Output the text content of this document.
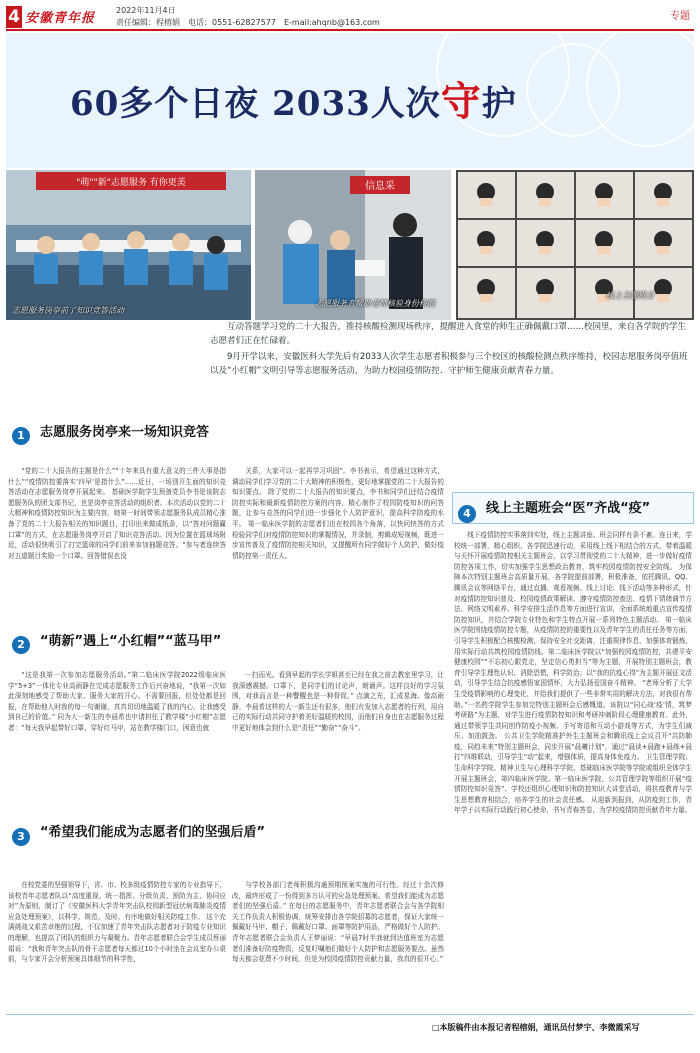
4 安徽青年报
2022年11月4日
责任编辑：程榕娟　电话：0551-62827577　E-mail:ahqnb@163.com
专题
60多个日夜 2033人次守护
"萌""新"志愿服务 有你更美
志愿服务岗亭前了知识竞答活动
信息采
志愿服务者帮助老师核验身份核酸
线上主题班会

互动答题学习党的二十大报告，推持核酸检测现场秩序，提醒进入食堂的师生正确佩戴口罩……校园里，来自各学院的学生志愿者们正在忙碌着。

9月开学以来，安徽医科大学先后有2033人次学生志愿者积极参与三个校区的核酸检测点秩序维持，校园志愿服务岗亭值班以及“小红帽”文明引导等志愿服务活动，为助力校园疫情防控、守护师生健康贡献青春力量。

1	志愿服务岗亭来一场知识竞答

“党的二十大报告的主题是什么”“十年来具有重大意义的三件大事是指什么”“疫情防控要落实‘四早’是指什么”……近日，一场别开生面的知识竞答活动在志愿服务岗亭开展起来。 基础医学院学生预备党员李书是该院志愿服务队的团支部书记，也是岗亭竞答活动的组织者。本次活动以党的二十大精神和疫情防控知识为主要内容，她第一时间带领志愿服务队成员精心准备了党的二十大报告相关的知识题目，打印出来做成纸条，以“答对问题赢口罩”的方式，在志愿服务岗亭开启了知识竞答活动。因为位置在篮球场附近，活动很快吸引了打完篮球的同学们前来参加抽题竞答。“参与者连续答对五道题目奖励一个口罩。回答错误也没

关系，大家可以一起再学习巩固”。李书表示，希望通过这种方式，调动同学们学习党的二十大精神的积极性，更好地掌握党的二十大报告的知识要点。 除了党的二十大报告的知识要点，李书和同学们还结合疫情防控实际和最新疫情防控方案的内容，精心制作了校园防疫知识的问答题，让参与竞答的同学们进一步强化个人防护意识，提高科学防疫的水平。 第一临床医学院的志愿者们也在校园各个角落，以快问快答的方式检验同学们对疫情防控知识的掌握情况，并录制，剪辑成短视频，既进一步宣传普及了疫情防控相关知识，又提醒所有同学做好个人防护，做好疫情防控第一责任人。

2	“萌新”遇上“小红帽”“蓝马甲”

“这是我第一次参加志愿服务活动。”第二临床医学院2022级临床医学“5+3”一体化专业高雨静在完成志愿服务工作后兴奋地说，“我第一次如此深刻地感受了帮助大家、服务大家的开心。不需要回报，但处处都是回报，在帮助他人时我的每一句谢谢，真真切切地温暖了我的内心，让我感受到自己的价值。” 同为大一新生的李晨希也申请担任了教学楼“小红帽”志愿者：“每天我早起带好口罩、穿好红马甲，站在教学楼门口，困意也就

一扫而光。看到早起的学长学姐甚至已经在我之前去教室里学习，让我深感震撼。口罩下，是同学们的讨论声，朗诵声。这样良好的学习氛围，对我而言是一种警醒也是一种督促。” 点滴之光，汇成星海。像高雨静、李晨希这样的大一新生还有很多，他们有发加入志愿者的行列，用自己的实际行动共同守护着美好温暖的校园，而他们自身也在志愿服务过程中更好地体会到什么是“责任”“勤奋”“奋斗”。

3	“希望我们能成为志愿者们的坚强后盾”

在校党委的坚强领导下，省、市、校多级疫情防控专家的专业指导下，该校青年志愿者队以“高度重视、统一指挥、分级负责、预防为主、协同应对”为原则，制订了《安徽医科大学青年突击队校园新型冠状病毒肺炎疫情应急处理预案》，以科学、规范、及时、有序地做好相关防疫工作。 这个充满挑战又艰苦卓绝的过程，不仅加速了青年突击队志愿者对于防疫专业知识的理解，也提高了团队的组织力与凝聚力。青年志愿者联合会学生成员蔡丽娟说：“我和青年突击队的骨干志愿者每天都过10个小时坐在会议室办公桌前，与专家开会分析预案具体细节的科学性，

与学校各部门老师积极沟通预期预案实施的可行性。经过十余次修改，最终形成了一份得到多方认可的应急处理预案。希望我们能成为志愿者们的坚强后盾。” 在每日的志愿服务中，青年志愿者联合会与各学院相关工作负责人积极协调，统筹安排由各学院招募的志愿者，保证大家统一佩戴好马甲、帽子、佩戴好口罩、面罩等防护用品，严格做好个人防护。青年志愿者联合会负责人王梦丽说：“早晨7时半我就到达值班室为志愿者们准备好防疫物资，反复叮嘱他们做好个人防护和志愿服务要点。虽然每天都会花费不少时间，但是为校园疫情防控贡献力量，我真的很开心。”

4	线上主题班会“医”齐战“疫”

线下疫情防控实事落到实处，线上主题讲座、班会同样有条不紊。连日来，学校统一部署，精心组织，各学院迅速行动，采用线上线下相结合的方式，带着温暖与关怀开展疫情防控相关主题班会，以学习贯彻党的二十大精神，进一步做好疫情防控各项工作，切实加强学生思想政治教育，筑牢校园疫情防控安全防线。 为保障本次特别主题班会高质量开展，各学院提前部署，积极准备，依托腾讯、QQ、腾讯会议等网络平台，通过直播、观看视频、线上讨论、线下活动等多种形式，针对疫情防控知识普及、校园疫情政策解读、遵守疫情防控查法、疫情下情绪调节方法、网络文明素养、科学安排生活作息等方面进行宣讲，全面系统地重点宣传疫情防控知识，并结合学院专业特色和学生特点开展一系列特色主题活动。 第一临床医学院围绕疫情防控专题，从疫情防控的重要性以及青年学生的责任任务等方面，引导学生积极配合核酸检测，保持安全社交距离，注重规律作息，加强体育锻炼，用实际行动共筑校园疫情防线。第二临床医学院以“加强校园疫情防控，共建平安健康校园”“不忘初心跟党走，坚定信心勇担当”等为主题，开展特别主题班会，教育引导学生理性认识、消除恐慌，科学防治；以“我的抗疫心得”为主题开展征文活动，引导学生结合抗疫感悟家国情怀，大力弘扬爱国奋斗精神。 “老师分析了大学生受疫情影响的心理变化，并给我们提供了一些非常实用的解决方法，对我很有帮助。”一名药学院学生参加完特别主题班会后感慨道。该院以“同心战‘疫’情，筑梦考研路”为主题，对学生进行疫情防控知识和考研冲刺阶段心理健康教育。此外，通过带领学生共同创作防疫小视频、手写寄语和互动小游戏等方式，为学生们减压、加油鼓劲。 公共卫生学院精准护外生主题班会和腾讯线上会议召开“共防肺疫，同趋未来”特别主题班会，同步开展“晨曦计划”，通过“晨读+晨跑+晨练+晨打”四维联动，引导学生“动”起来，增强体质，提高身体免疫力。 卫生管理学院、生命科学学院、精神卫生与心理科学学院、基础临床医学院等学院或组织全体学生开展主题班会，第四临床医学院、第一临床医学院、公共管理学院等组织开展“疫情防控知识竞答”、学校还组织心理知识和防控知识大讲堂活动，将抗疫教育与学生思想教育相结合，培养学生的社会责任感。 从迎新到报到，从防疫到工作，青年学子以实际行动践行初心使命，书写青春答卷，为学校疫情防控贡献青年力量。

□本版稿件由本报记者程榕娟，通讯员付梦宇、李微霞采写
